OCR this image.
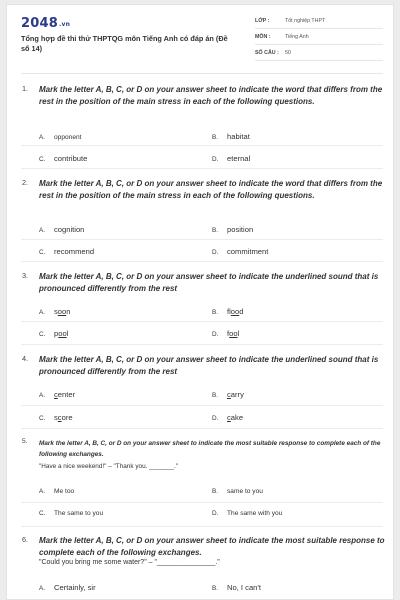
2048.vn
Tổng hợp đề thi thử THPTQG môn Tiếng Anh có đáp án (Đề số 14)
LỚP :	Tốt nghiệp THPT
MÔN :	Tiếng Anh
SỐ CÂU : 50
1. Mark the letter A, B, C, or D on your answer sheet to indicate the word that differs from the rest in the position of the main stress in each of the following questions.
A. opponent	B. habitat
C. contribute	D. eternal
2. Mark the letter A, B, C, or D on your answer sheet to indicate the word that differs from the rest in the position of the main stress in each of the following questions.
A. cognition	B. position
C. recommend	D. commitment
3. Mark the letter A, B, C, or D on your answer sheet to indicate the underlined sound that is pronounced differently from the rest
A. soon	B. flood
C. pool	D. fool
4. Mark the letter A, B, C, or D on your answer sheet to indicate the underlined sound that is pronounced differently from the rest
A. center	B. carry
C. score	D. cake
5. Mark the letter A, B, C, or D on your answer sheet to indicate the most suitable response to complete each of the following exchanges.
"Have a nice weekend!" – "Thank you. _______."
A. Me too	B. same to you
C. The same to you	D. The same with you
6. Mark the letter A, B, C, or D on your answer sheet to indicate the most suitable response to complete each of the following exchanges.
"Could you bring me some water?" – "_______________."
A. Certainly, sir	B. No, I can't
